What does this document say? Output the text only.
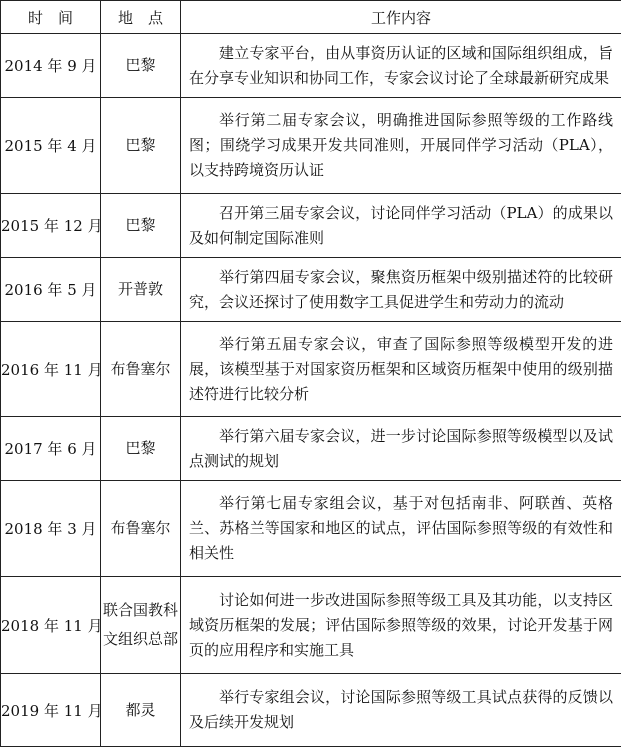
时　间	地　点	工作内容
2014 年 9 月	巴黎	建立专家平台，由从事资历认证的区域和国际组织组成，旨在分享专业知识和协同工作，专家会议讨论了全球最新研究成果

2015 年 4 月	巴黎	举行第二届专家会议，明确推进国际参照等级的工作路线图；围绕学习成果开发共同准则，开展同伴学习活动（PLA），以支持跨境资历认证

2015 年 12 月	巴黎	召开第三届专家会议，讨论同伴学习活动（PLA）的成果以及如何制定国际准则

2016 年 5 月	开普敦	举行第四届专家会议，聚焦资历框架中级别描述符的比较研究，会议还探讨了使用数字工具促进学生和劳动力的流动

2016 年 11 月	布鲁塞尔	举行第五届专家会议，审查了国际参照等级模型开发的进展，该模型基于对国家资历框架和区域资历框架中使用的级别描述符进行比较分析

2017 年 6 月	巴黎	举行第六届专家会议，进一步讨论国际参照等级模型以及试点测试的规划

2018 年 3 月	布鲁塞尔	举行第七届专家组会议，基于对包括南非、阿联酋、英格兰、苏格兰等国家和地区的试点，评估国际参照等级的有效性和相关性

2018 年 11 月	联合国教科文组织总部	讨论如何进一步改进国际参照等级工具及其功能，以支持区域资历框架的发展；评估国际参照等级的效果，讨论开发基于网页的应用程序和实施工具

2019 年 11 月	都灵	举行专家组会议，讨论国际参照等级工具试点获得的反馈以及后续开发规划
